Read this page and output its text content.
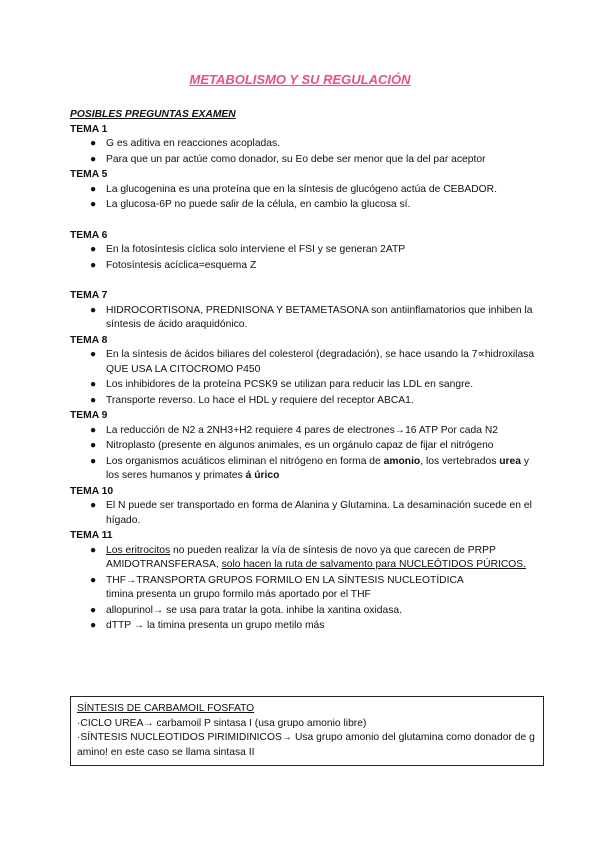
METABOLISMO Y SU REGULACIÓN

POSIBLES PREGUNTAS EXAMEN

TEMA 1

● G es aditiva en reacciones acopladas.
● Para que un par actúe como donador, su Eo debe ser menor que la del par aceptor

TEMA 5

● La glucogenina es una proteína que en la síntesis de glucógeno actúa de CEBADOR.
● La glucosa-6P no puede salir de la célula, en cambio la glucosa sí.

TEMA 6

● En la fotosíntesis cíclica solo interviene el FSI y se generan 2ATP
● Fotosíntesis acíclica=esquema Z

TEMA 7

● HIDROCORTISONA, PREDNISONA Y BETAMETASONA son antiinflamatorios que inhiben la síntesis de ácido araquidónico.

TEMA 8

● En la síntesis de ácidos biliares del colesterol (degradación), se hace usando la 7∝hidroxilasa QUE USA LA CITOCROMO P450
● Los inhibidores de la proteína PCSK9 se utilizan para reducir las LDL en sangre.
● Transporte reverso. Lo hace el HDL y requiere del receptor ABCA1.

TEMA 9

● La reducción de N2 a 2NH3+H2 requiere 4 pares de electrones→16 ATP Por cada N2
● Nitroplasto (presente en algunos animales, es un orgánulo capaz de fijar el nitrógeno
● Los organismos acuáticos eliminan el nitrógeno en forma de amonio, los vertebrados urea y los seres humanos y primates á úrico

TEMA 10

● El N puede ser transportado en forma de Alanina y Glutamina. La desaminación sucede en el hígado.

TEMA 11

● Los eritrocitos no pueden realizar la vía de síntesis de novo ya que carecen de PRPP AMIDOTRANSFERASA, solo hacen la ruta de salvamento para NUCLEÓTIDOS PÚRICOS.
● THF→TRANSPORTA GRUPOS FORMILO EN LA SÍNTESIS NUCLEOTÍDICA
timina presenta un grupo formilo más aportado por el THF
● allopurinol→ se usa para tratar la gota. inhibe la xantina oxidasa.
● dTTP → la timina presenta un grupo metilo más
SÍNTESIS DE CARBAMOIL FOSFATO
·CICLO UREA→ carbamoil P sintasa I (usa grupo amonio libre)
·SÍNTESIS NUCLEOTIDOS PIRIMIDINICOS→ Usa grupo amonio del glutamina como donador de g amino! en este caso se llama sintasa II
